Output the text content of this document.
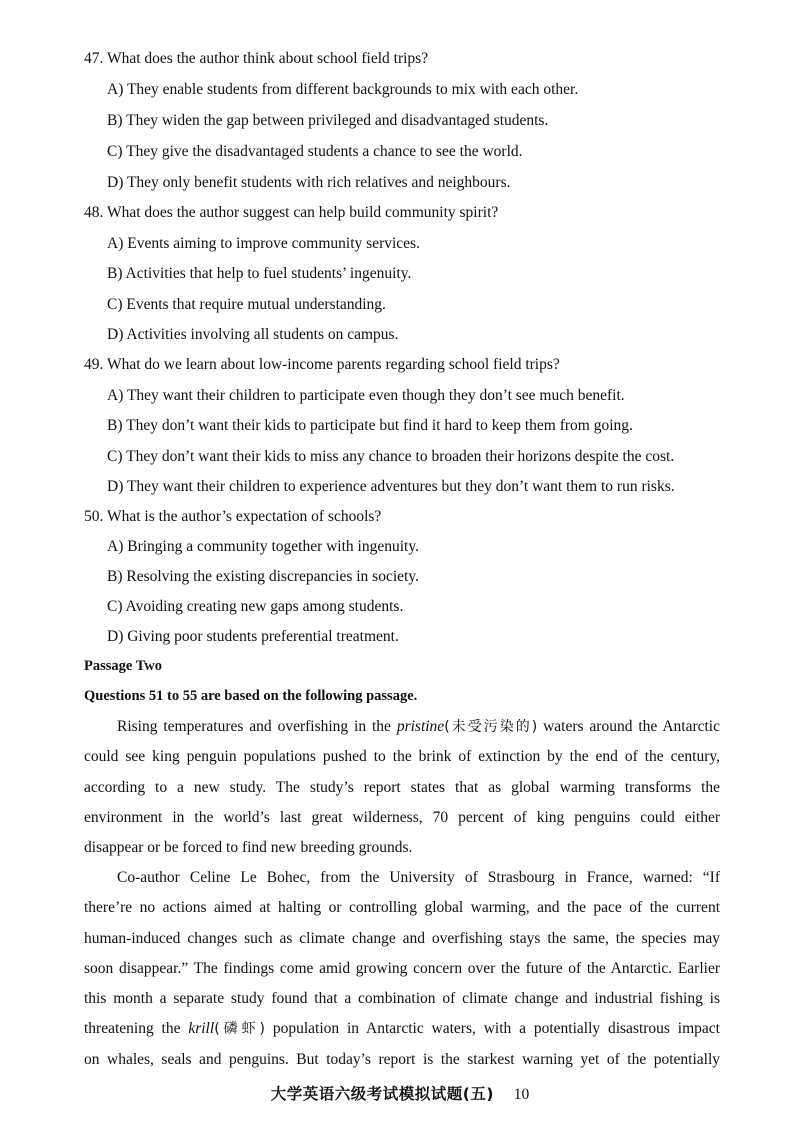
47. What does the author think about school field trips?
A) They enable students from different backgrounds to mix with each other.
B) They widen the gap between privileged and disadvantaged students.
C) They give the disadvantaged students a chance to see the world.
D) They only benefit students with rich relatives and neighbours.
48. What does the author suggest can help build community spirit?
A) Events aiming to improve community services.
B) Activities that help to fuel students’ ingenuity.
C) Events that require mutual understanding.
D) Activities involving all students on campus.
49. What do we learn about low-income parents regarding school field trips?
A) They want their children to participate even though they don’t see much benefit.
B) They don’t want their kids to participate but find it hard to keep them from going.
C) They don’t want their kids to miss any chance to broaden their horizons despite the cost.
D) They want their children to experience adventures but they don’t want them to run risks.
50. What is the author’s expectation of schools?
A) Bringing a community together with ingenuity.
B) Resolving the existing discrepancies in society.
C) Avoiding creating new gaps among students.
D) Giving poor students preferential treatment.
Passage Two
Questions 51 to 55 are based on the following passage.
Rising temperatures and overfishing in the pristine(未受污染的) waters around the Antarctic
could see king penguin populations pushed to the brink of extinction by the end of the century,
according to a new study. The study’s report states that as global warming transforms the
environment in the world’s last great wilderness, 70 percent of king penguins could either
disappear or be forced to find new breeding grounds.
Co-author Celine Le Bohec, from the University of Strasbourg in France, warned: “If
there’re no actions aimed at halting or controlling global warming, and the pace of the current
human-induced changes such as climate change and overfishing stays the same, the species may
soon disappear.” The findings come amid growing concern over the future of the Antarctic. Earlier
this month a separate study found that a combination of climate change and industrial fishing is
threatening the krill(磷虾) population in Antarctic waters, with a potentially disastrous impact
on whales, seals and penguins. But today’s report is the starkest warning yet of the potentially
大学英语六级考试模拟试题(五) 10
